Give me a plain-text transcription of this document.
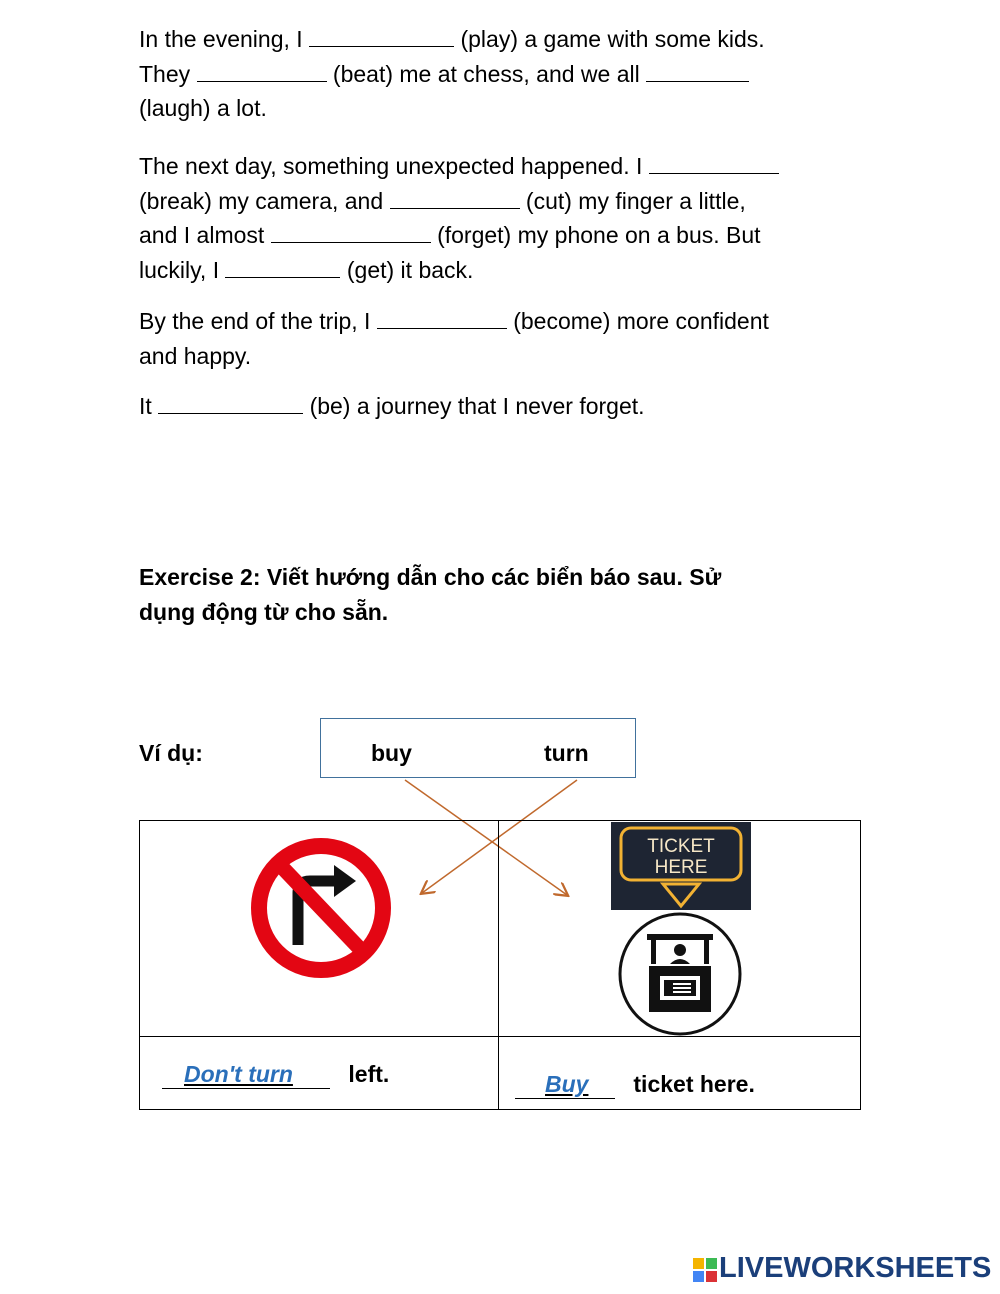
In the evening, I	(play) a game with some kids.
They	(beat) me at chess, and we all
(laugh) a lot.

The next day, something unexpected happened. I
(break) my camera, and	(cut) my finger a little,
and I almost	(forget) my phone on a bus. But
luckily, I	(get) it back.

By the end of the trip, I	(become) more confident
and happy.

It	(be) a journey that I never forget.

Exercise 2: Viết hướng dẫn cho các biển báo sau. Sử
dụng động từ cho sẵn.

Ví dụ:	buy	turn

TICKET
HERE

Don't turn left.	Buy ticket here.
LIVEWORKSHEETS
